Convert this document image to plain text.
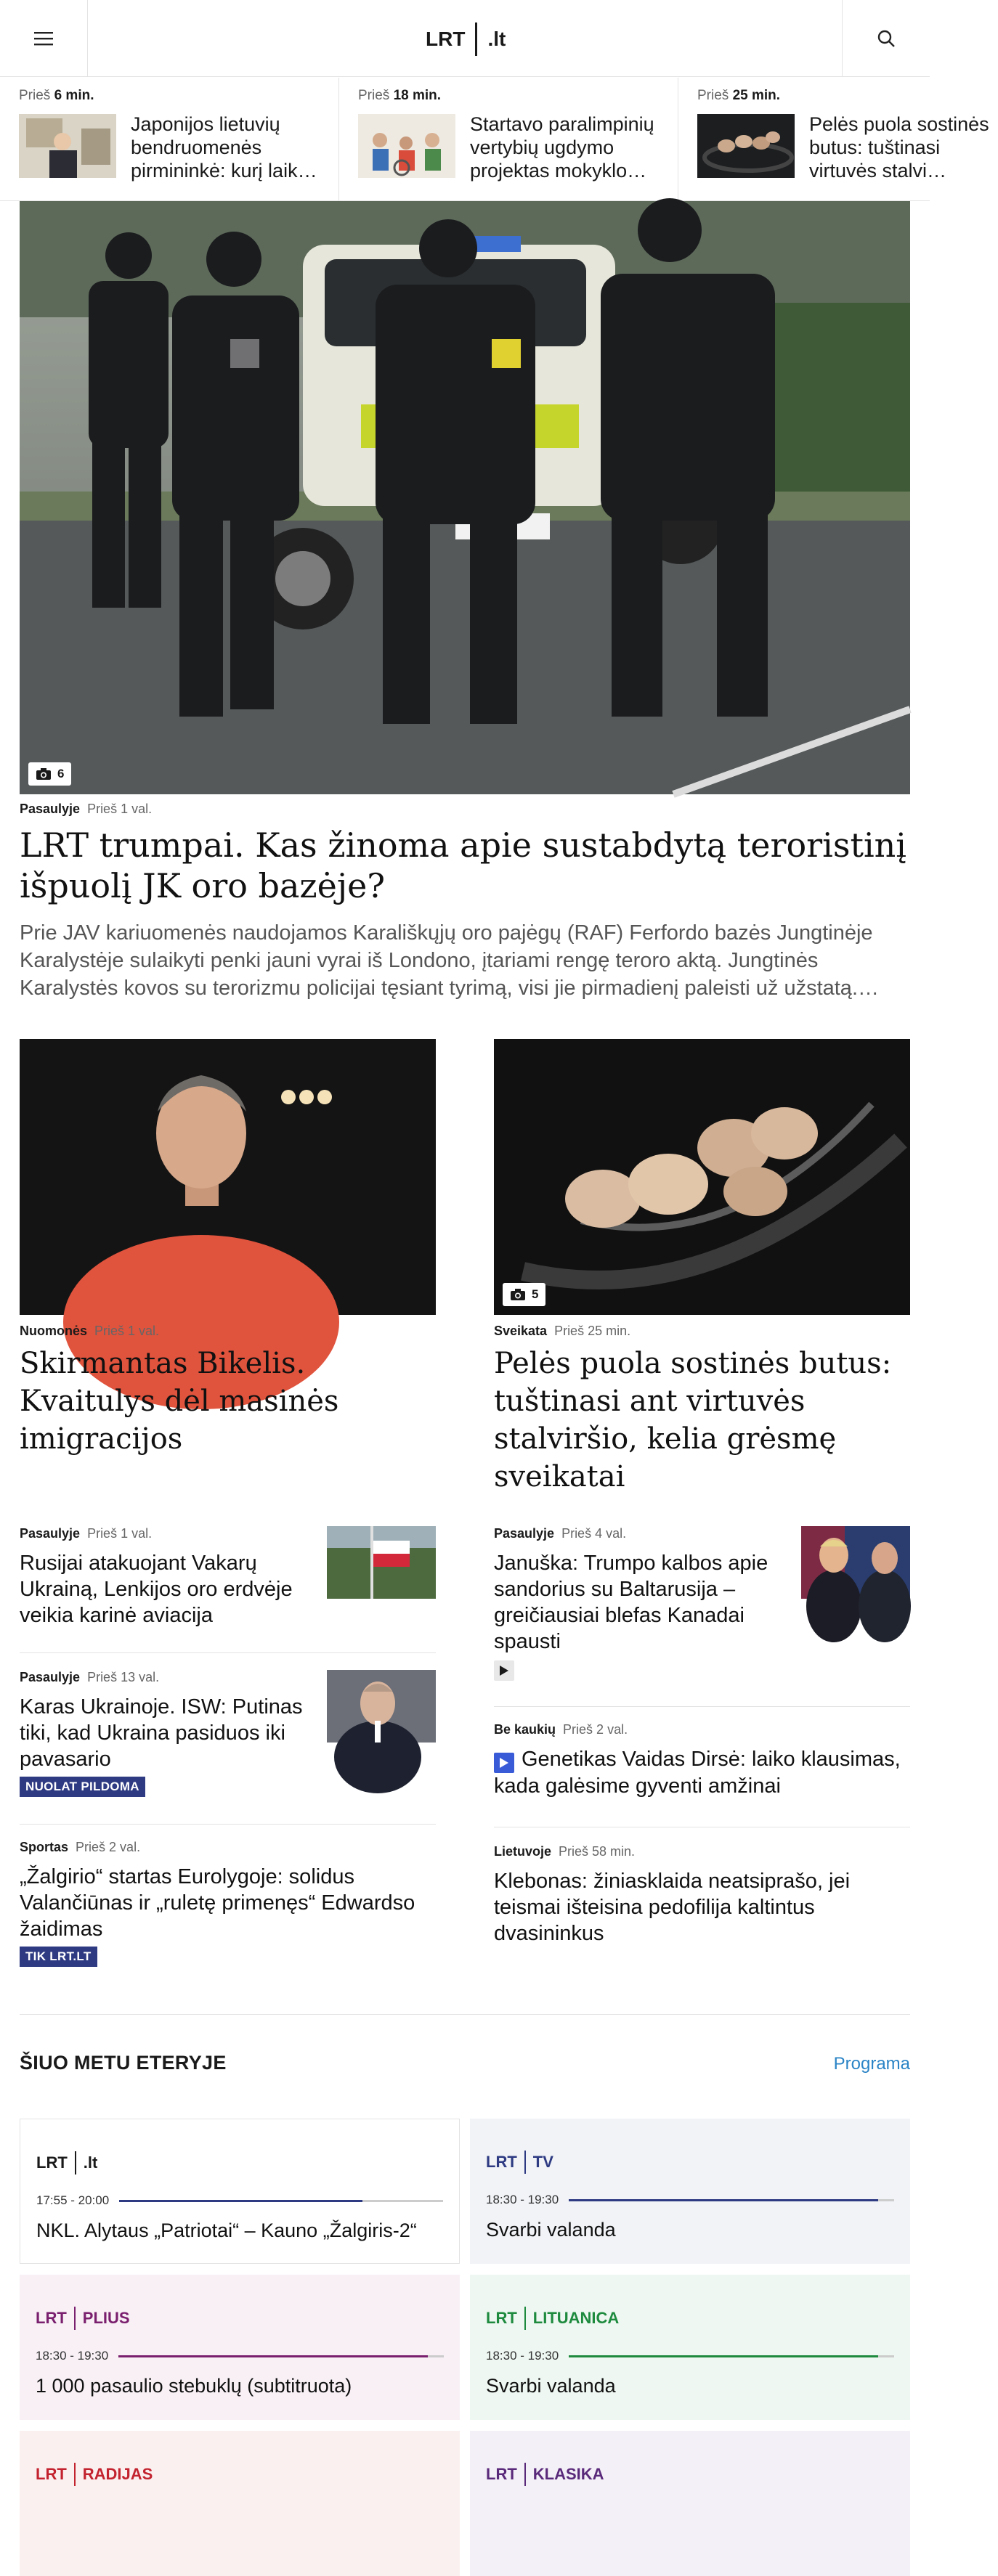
LRT .lt
Prieš 6 min.
Japonijos lietuvių bendruomenės pirmininkė: kurį laik…
Prieš 18 min.
Startavo paralimpinių vertybių ugdymo projektas mokyklo…
Prieš 25 min.
Pelės puola sostinės butus: tuštinasi virtuvės stalvi…
6
Pasaulyje Prieš 1 val.
LRT trumpai. Kas žinoma apie sustabdytą teroristinį išpuolį JK oro bazėje?
Prie JAV kariuomenės naudojamos Karališkųjų oro pajėgų (RAF) Ferfordo bazės Jungtinėje Karalystėje sulaikyti penki jauni vyrai iš Londono, įtariami rengę teroro aktą. Jungtinės Karalystės kovos su terorizmu policijai tęsiant tyrimą, visi jie pirmadienį paleisti už užstatą.…
Nuomonės Prieš 1 val.
Skirmantas Bikelis. Kvaitulys dėl masinės imigracijos
5
Sveikata Prieš 25 min.
Pelės puola sostinės butus: tuštinasi ant virtuvės stalviršio, kelia grėsmę sveikatai
Pasaulyje Prieš 1 val.
Rusijai atakuojant Vakarų Ukrainą, Lenkijos oro erdvėje veikia karinė aviacija
Pasaulyje Prieš 13 val.
Karas Ukrainoje. ISW: Putinas tiki, kad Ukraina pasiduos iki pavasario
NUOLAT PILDOMA
Sportas Prieš 2 val.
„Žalgirio“ startas Eurolygoje: solidus Valančiūnas ir „ruletę primenęs“ Edwardso žaidimas
TIK LRT.LT
Pasaulyje Prieš 4 val.
Januška: Trumpo kalbos apie sandorius su Baltarusija – greičiausiai blefas Kanadai spausti
Be kaukių Prieš 2 val.
Genetikas Vaidas Dirsė: laiko klausimas, kada galėsime gyventi amžinai
Lietuvoje Prieš 58 min.
Klebonas: žiniasklaida neatsiprašo, jei teismai išteisina pedofilija kaltintus dvasininkus
ŠIUO METU ETERYJE	Programa
LRT .lt
17:55 - 20:00
NKL. Alytaus „Patriotai“ – Kauno „Žalgiris-2“
LRT TV
18:30 - 19:30
Svarbi valanda
LRT PLIUS
18:30 - 19:30
1 000 pasaulio stebuklų (subtitruota)
LRT LITUANICA
18:30 - 19:30
Svarbi valanda
LRT RADIJAS	LRT KLASIKA
